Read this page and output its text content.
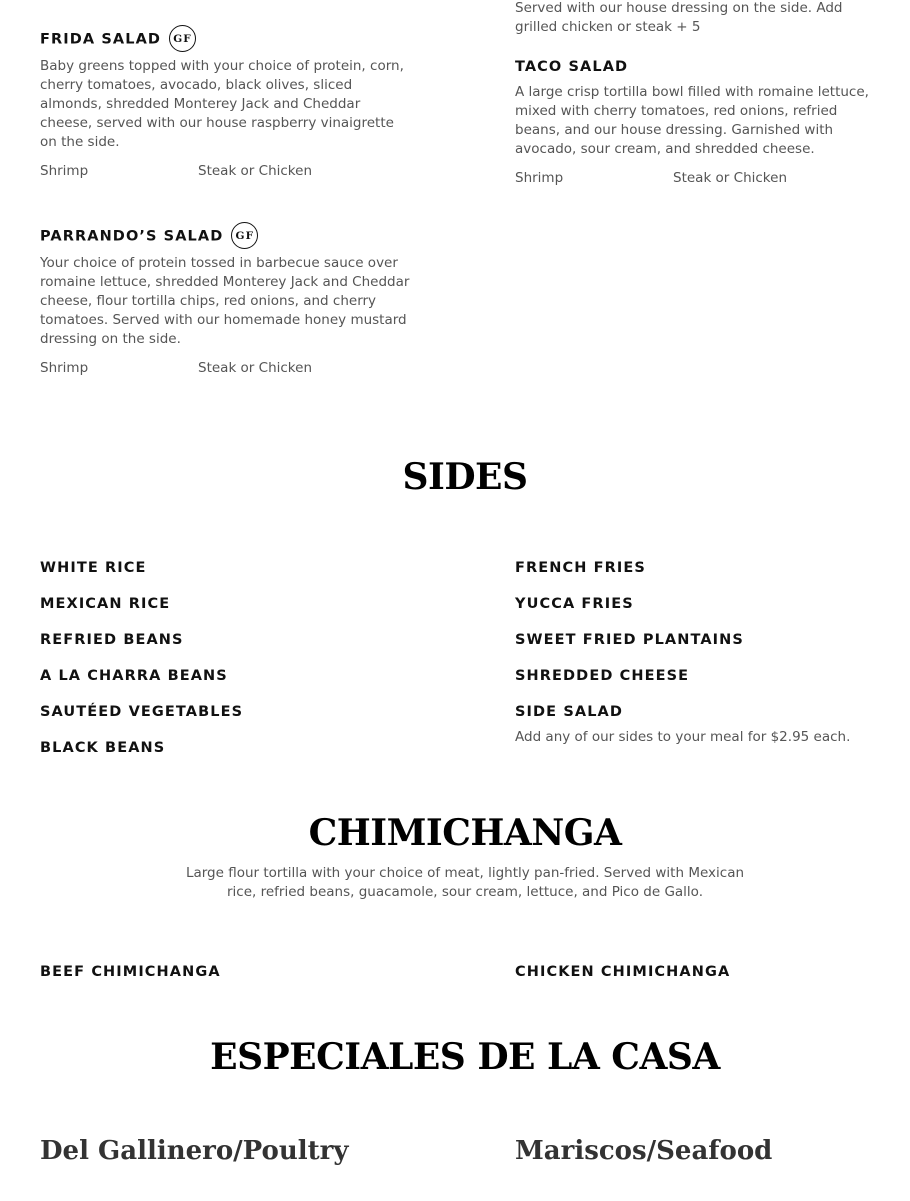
FRIDA SALAD GF
Baby greens topped with your choice of protein, corn, cherry tomatoes, avocado, black olives, sliced almonds, shredded Monterey Jack and Cheddar cheese, served with our house raspberry vinaigrette on the side.
Shrimp	Steak or Chicken
PARRANDO’S SALAD GF
Your choice of protein tossed in barbecue sauce over romaine lettuce, shredded Monterey Jack and Cheddar cheese, flour tortilla chips, red onions, and cherry tomatoes. Served with our homemade honey mustard dressing on the side.
Shrimp	Steak or Chicken
Served with our house dressing on the side. Add grilled chicken or steak + 5
TACO SALAD
A large crisp tortilla bowl filled with romaine lettuce, mixed with cherry tomatoes, red onions, refried beans, and our house dressing. Garnished with avocado, sour cream, and shredded cheese.
Shrimp	Steak or Chicken
SIDES
WHITE RICE
MEXICAN RICE
REFRIED BEANS
A LA CHARRA BEANS
SAUTÉED VEGETABLES
BLACK BEANS
FRENCH FRIES
YUCCA FRIES
SWEET FRIED PLANTAINS
SHREDDED CHEESE
SIDE SALAD
Add any of our sides to your meal for $2.95 each.
CHIMICHANGA
Large flour tortilla with your choice of meat, lightly pan-fried. Served with Mexican rice, refried beans, guacamole, sour cream, lettuce, and Pico de Gallo.
BEEF CHIMICHANGA	CHICKEN CHIMICHANGA
ESPECIALES DE LA CASA
Del Gallinero/Poultry	Mariscos/Seafood
